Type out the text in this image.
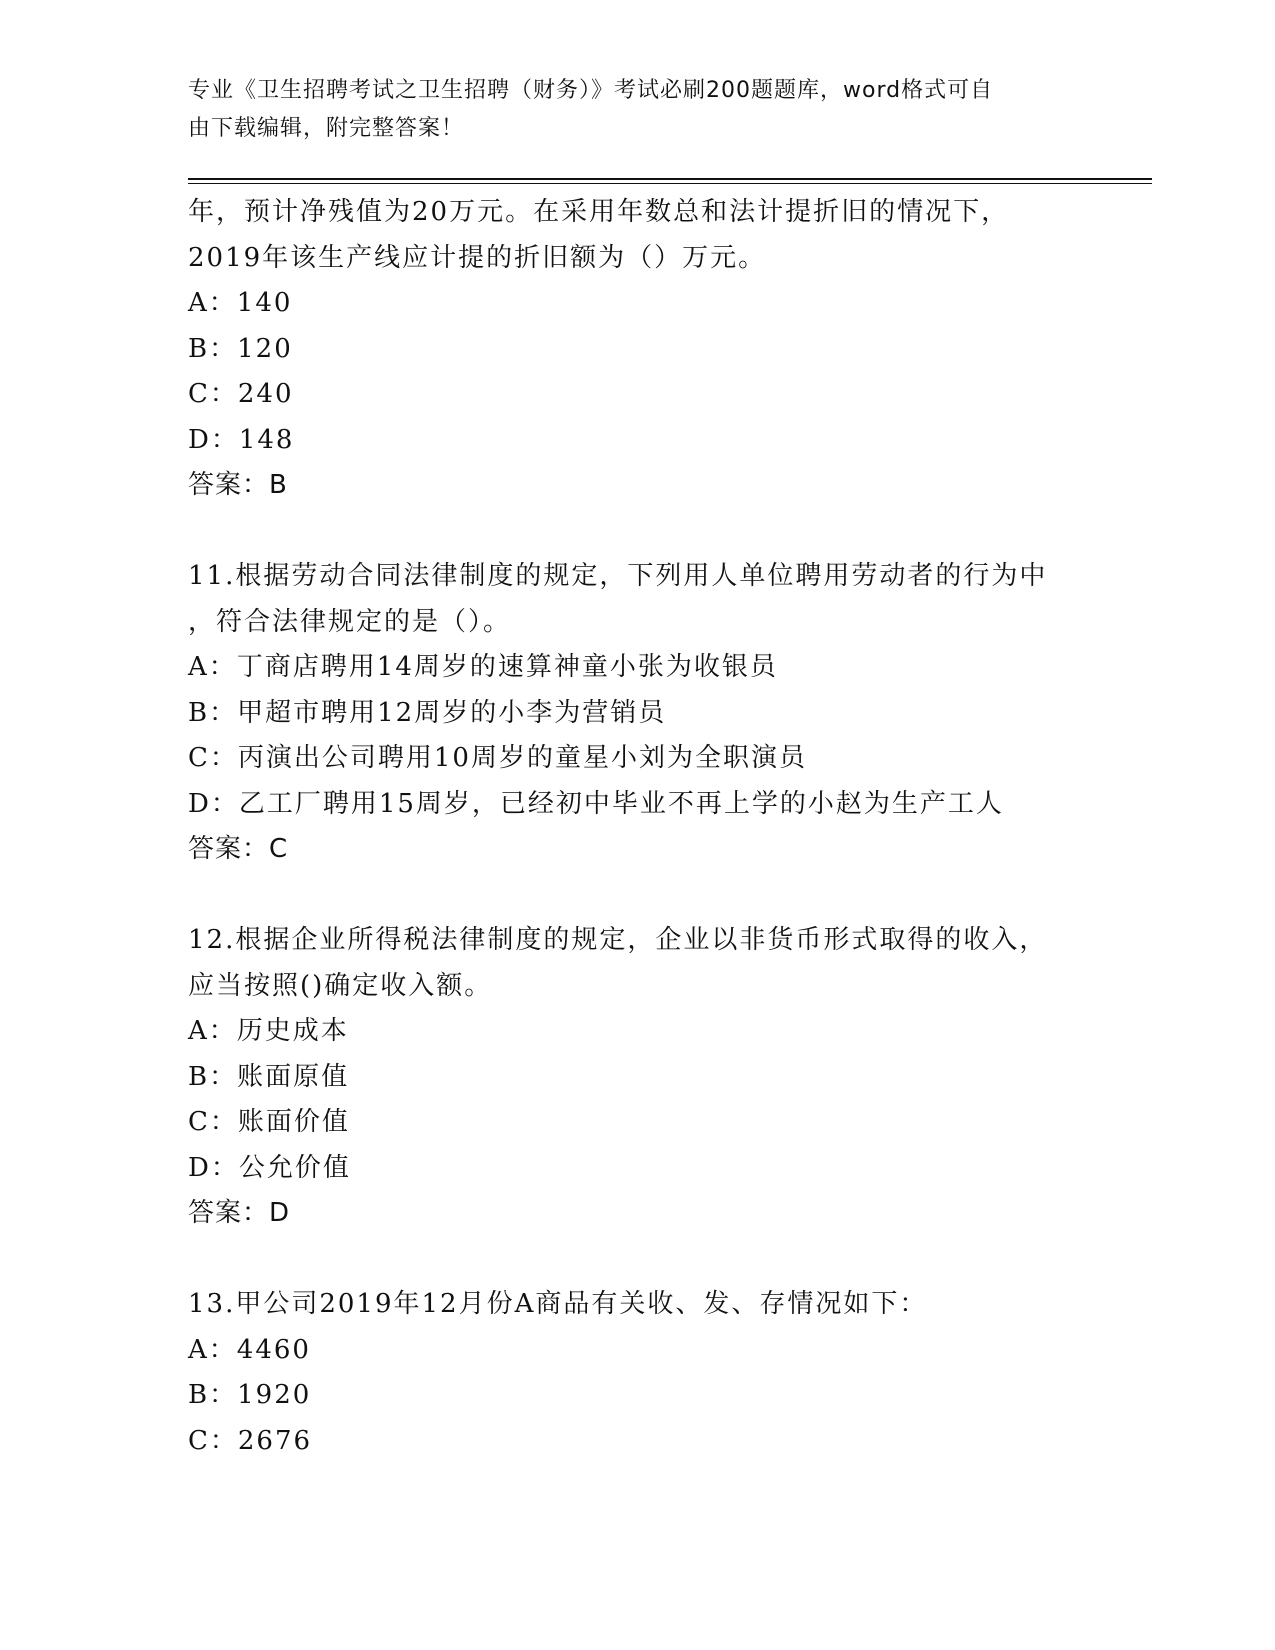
专业《卫生招聘考试之卫生招聘（财务）》考试必刷200题题库，word格式可自
由下载编辑，附完整答案！
年，预计净残值为20万元。在采用年数总和法计提折旧的情况下，
2019年该生产线应计提的折旧额为（）万元。
A：140
B：120
C：240
D：148
答案：B
11.根据劳动合同法律制度的规定，下列用人单位聘用劳动者的行为中
，符合法律规定的是（）。
A：丁商店聘用14周岁的速算神童小张为收银员
B：甲超市聘用12周岁的小李为营销员
C：丙演出公司聘用10周岁的童星小刘为全职演员
D：乙工厂聘用15周岁，已经初中毕业不再上学的小赵为生产工人
答案：C
12.根据企业所得税法律制度的规定，企业以非货币形式取得的收入，
应当按照()确定收入额。
A：历史成本
B：账面原值
C：账面价值
D：公允价值
答案：D
13.甲公司2019年12月份A商品有关收、发、存情况如下：
A：4460
B：1920
C：2676
